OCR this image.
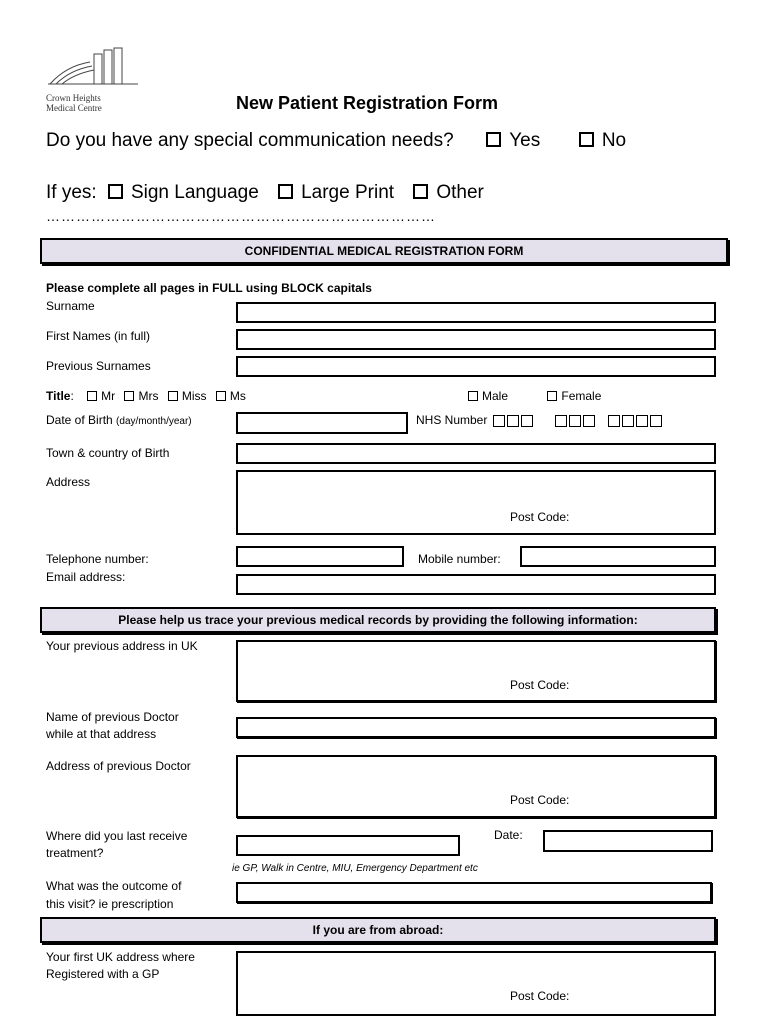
Crown Heights
Medical Centre	New Patient Registration Form
Do you have any special communication needs?	Yes	No
If yes: Sign Language Large Print Other
……………………………………………………………………
CONFIDENTIAL MEDICAL REGISTRATION FORM
Please complete all pages in FULL using BLOCK capitals
Surname
First Names (in full)
Previous Surnames
Title: Mr Mrs Miss Ms	Male	Female
Date of Birth (day/month/year)	NHS Number
Town & country of Birth
Address
Post Code:
Telephone number:	Mobile number:
Email address:
Please help us trace your previous medical records by providing the following information:
Your previous address in UK
Post Code:
Name of previous Doctor
while at that address
Address of previous Doctor
Post Code:
Where did you last receive
treatment?
Date:
ie GP, Walk in Centre, MIU, Emergency Department etc
What was the outcome of
this visit? ie prescription
If you are from abroad:
Your first UK address where
Registered with a GP
Post Code:
